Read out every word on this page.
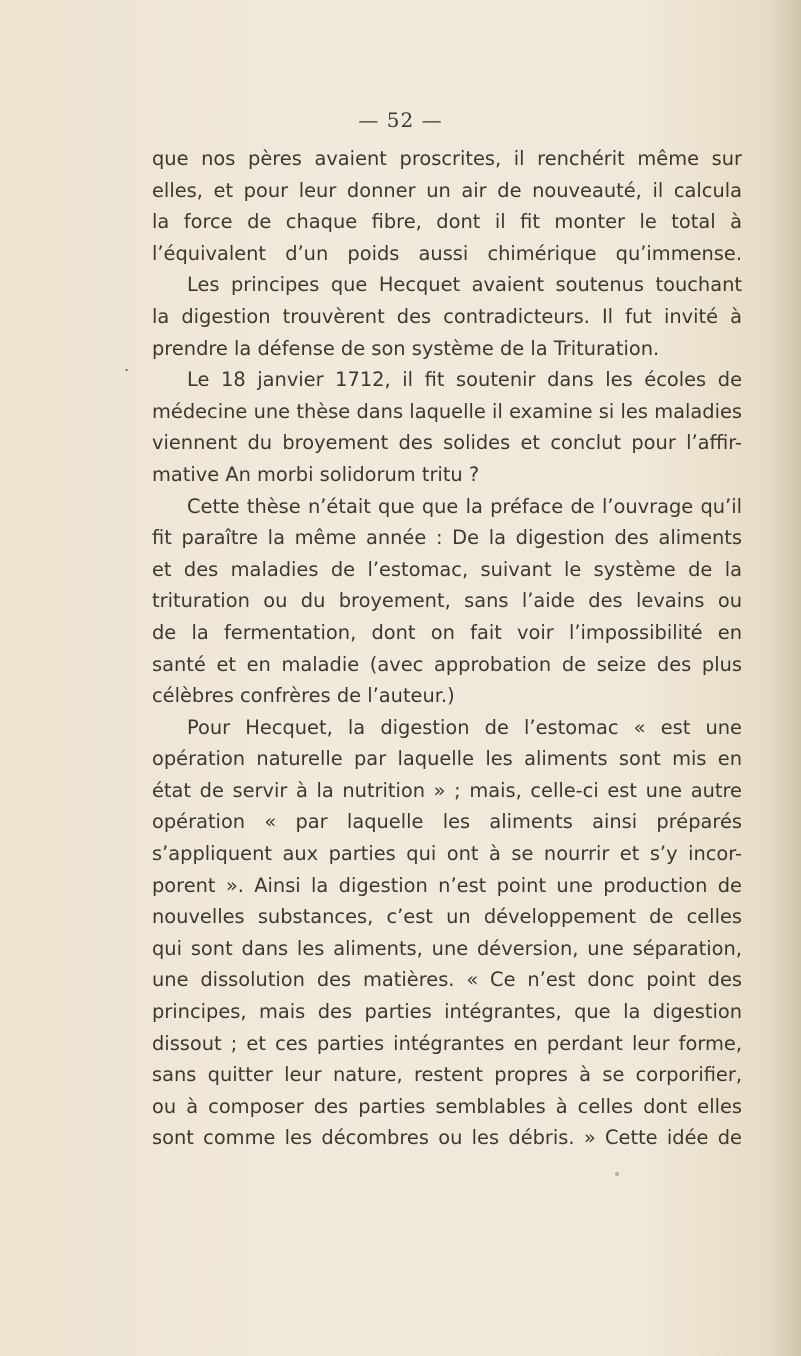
— 52 —
.
que nos pères avaient proscrites, il renchérit même sur
elles, et pour leur donner un air de nouveauté, il calcula
la force de chaque fibre, dont il fit monter le total à
l’équivalent d’un poids aussi chimérique qu’immense.
Les principes que Hecquet avaient soutenus touchant
la digestion trouvèrent des contradicteurs. Il fut invité à
prendre la défense de son système de la Trituration.
Le 18 janvier 1712, il fit soutenir dans les écoles de
médecine une thèse dans laquelle il examine si les maladies
viennent du broyement des solides et conclut pour l’affir-
mative An morbi solidorum tritu ?
Cette thèse n’était que que la préface de l’ouvrage qu’il
fit paraître la même année : De la digestion des aliments
et des maladies de l’estomac, suivant le système de la
trituration ou du broyement, sans l’aide des levains ou
de la fermentation, dont on fait voir l’impossibilité en
santé et en maladie (avec approbation de seize des plus
célèbres confrères de l’auteur.)
Pour Hecquet, la digestion de l’estomac « est une
opération naturelle par laquelle les aliments sont mis en
état de servir à la nutrition » ; mais, celle-ci est une autre
opération « par laquelle les aliments ainsi préparés
s’appliquent aux parties qui ont à se nourrir et s’y incor-
porent ». Ainsi la digestion n’est point une production de
nouvelles substances, c’est un développement de celles
qui sont dans les aliments, une déversion, une séparation,
une dissolution des matières. « Ce n’est donc point des
principes, mais des parties intégrantes, que la digestion
dissout ; et ces parties intégrantes en perdant leur forme,
sans quitter leur nature, restent propres à se corporifier,
ou à composer des parties semblables à celles dont elles
sont comme les décombres ou les débris. » Cette idée de
